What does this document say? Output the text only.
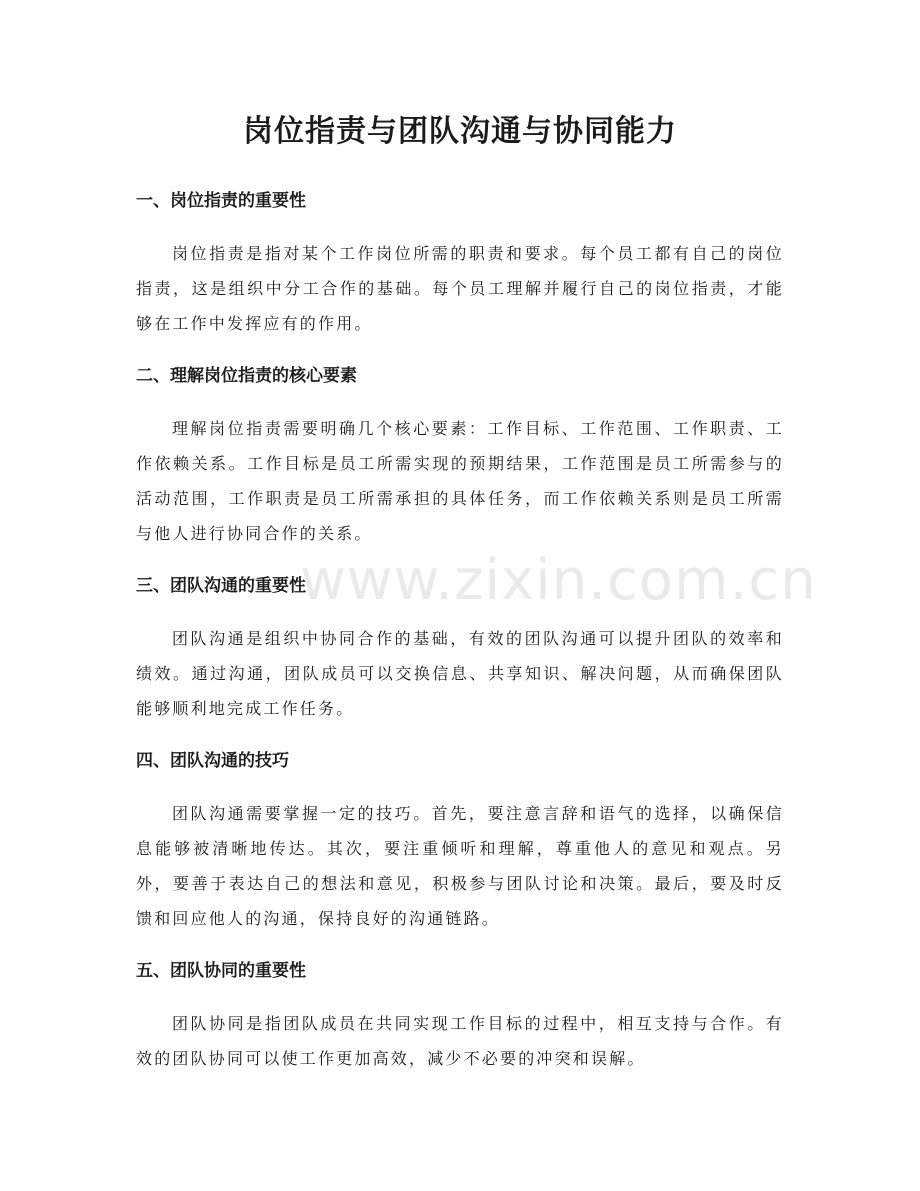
岗位指责与团队沟通与协同能力
一、岗位指责的重要性

岗位指责是指对某个工作岗位所需的职责和要求。每个员工都有自己的岗位指责，这是组织中分工合作的基础。每个员工理解并履行自己的岗位指责，才能够在工作中发挥应有的作用。

二、理解岗位指责的核心要素

理解岗位指责需要明确几个核心要素：工作目标、工作范围、工作职责、工作依赖关系。工作目标是员工所需实现的预期结果，工作范围是员工所需参与的活动范围，工作职责是员工所需承担的具体任务，而工作依赖关系则是员工所需与他人进行协同合作的关系。

三、团队沟通的重要性

团队沟通是组织中协同合作的基础，有效的团队沟通可以提升团队的效率和绩效。通过沟通，团队成员可以交换信息、共享知识、解决问题，从而确保团队能够顺利地完成工作任务。

四、团队沟通的技巧

团队沟通需要掌握一定的技巧。首先，要注意言辞和语气的选择，以确保信息能够被清晰地传达。其次，要注重倾听和理解，尊重他人的意见和观点。另外，要善于表达自己的想法和意见，积极参与团队讨论和决策。最后，要及时反馈和回应他人的沟通，保持良好的沟通链路。

五、团队协同的重要性

团队协同是指团队成员在共同实现工作目标的过程中，相互支持与合作。有效的团队协同可以使工作更加高效，减少不必要的冲突和误解。

www.zixin.com.cn
